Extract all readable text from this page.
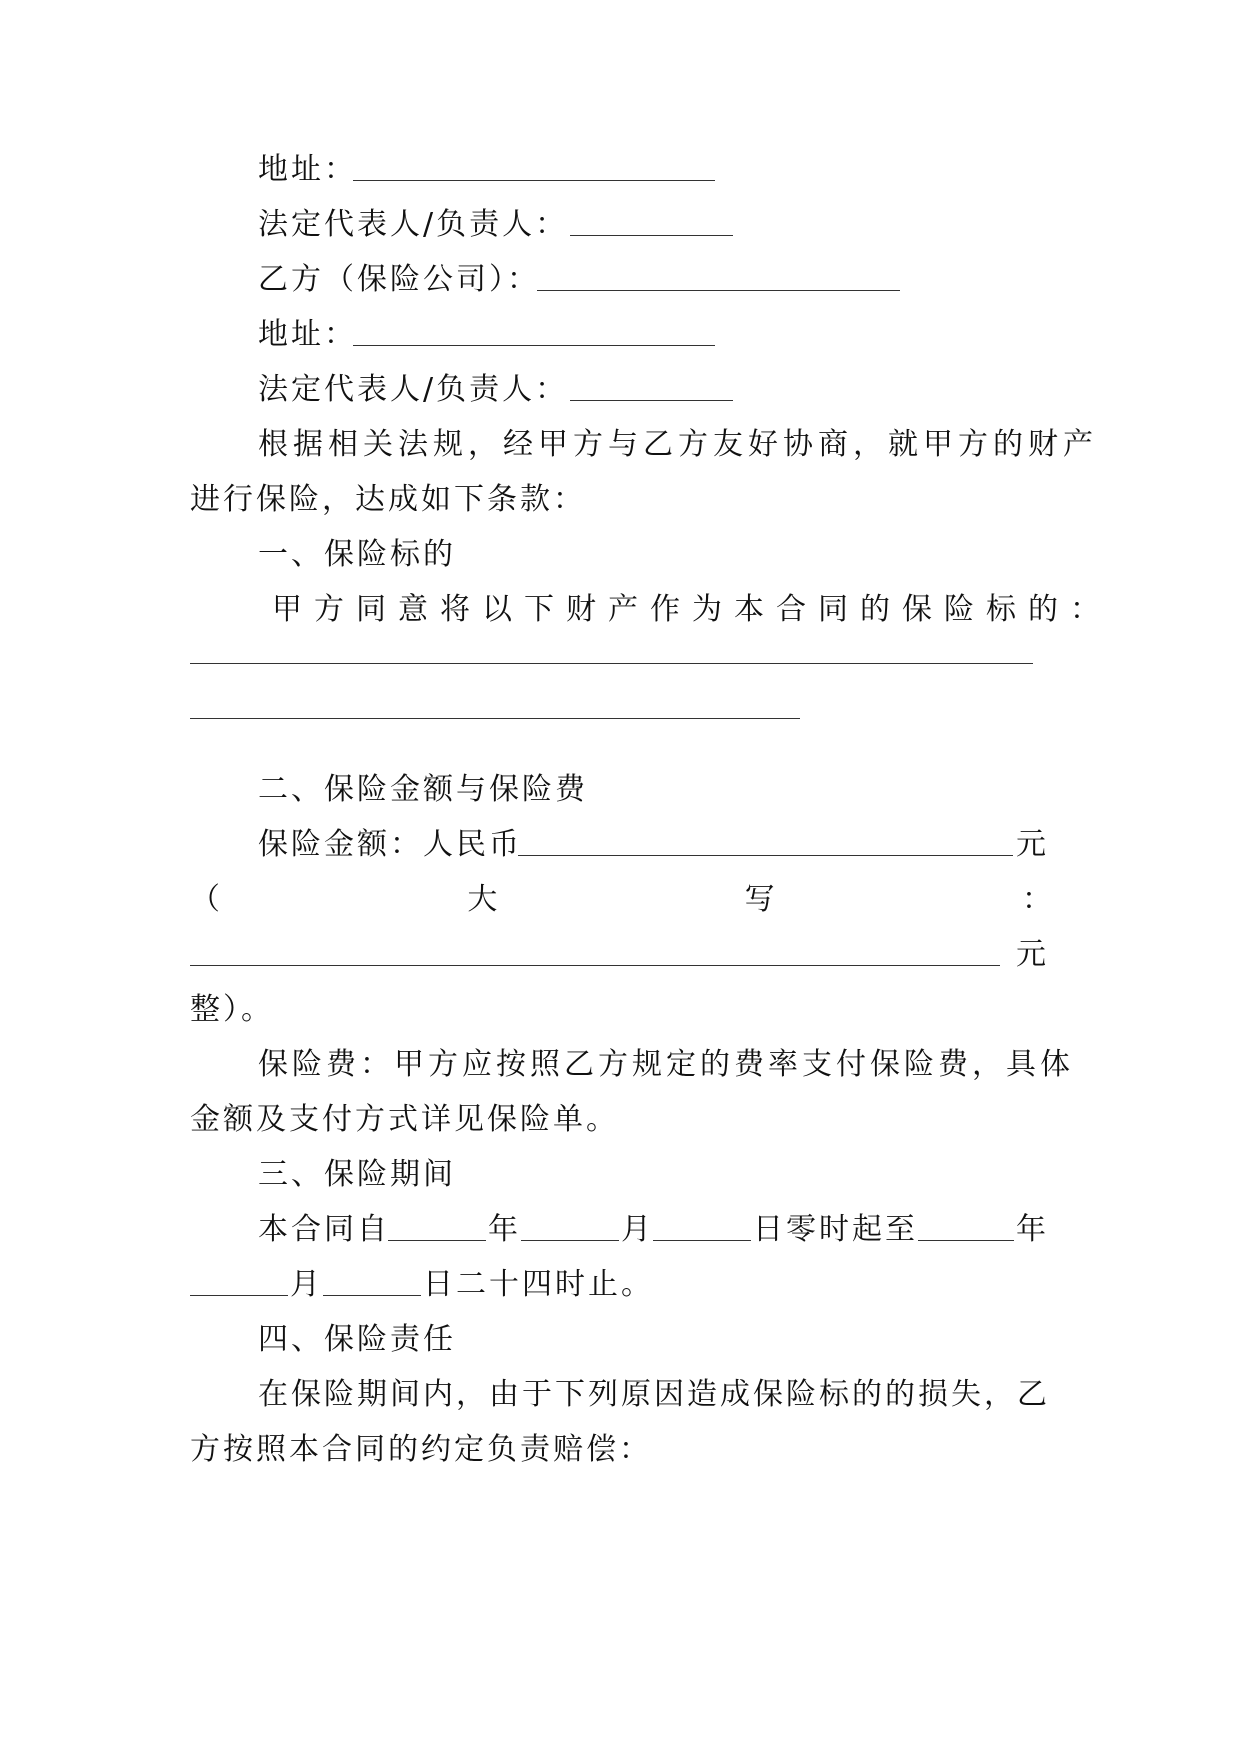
地址：
法定代表人/负责人：
乙方（保险公司）：
地址：
法定代表人/负责人：
根据相关法规，经甲方与乙方友好协商，就甲方的财产
进行保险，达成如下条款：
一、保险标的
甲方同意将以下财产作为本合同的保险标的：
二、保险金额与保险费
保险金额：人民币	元
（	大	写	：
元
整）。
保险费：甲方应按照乙方规定的费率支付保险费，具体
金额及支付方式详见保险单。
三、保险期间
本合同自	年	月	日零时起至	年
月	日二十四时止。
四、保险责任
在保险期间内，由于下列原因造成保险标的的损失，乙
方按照本合同的约定负责赔偿：
